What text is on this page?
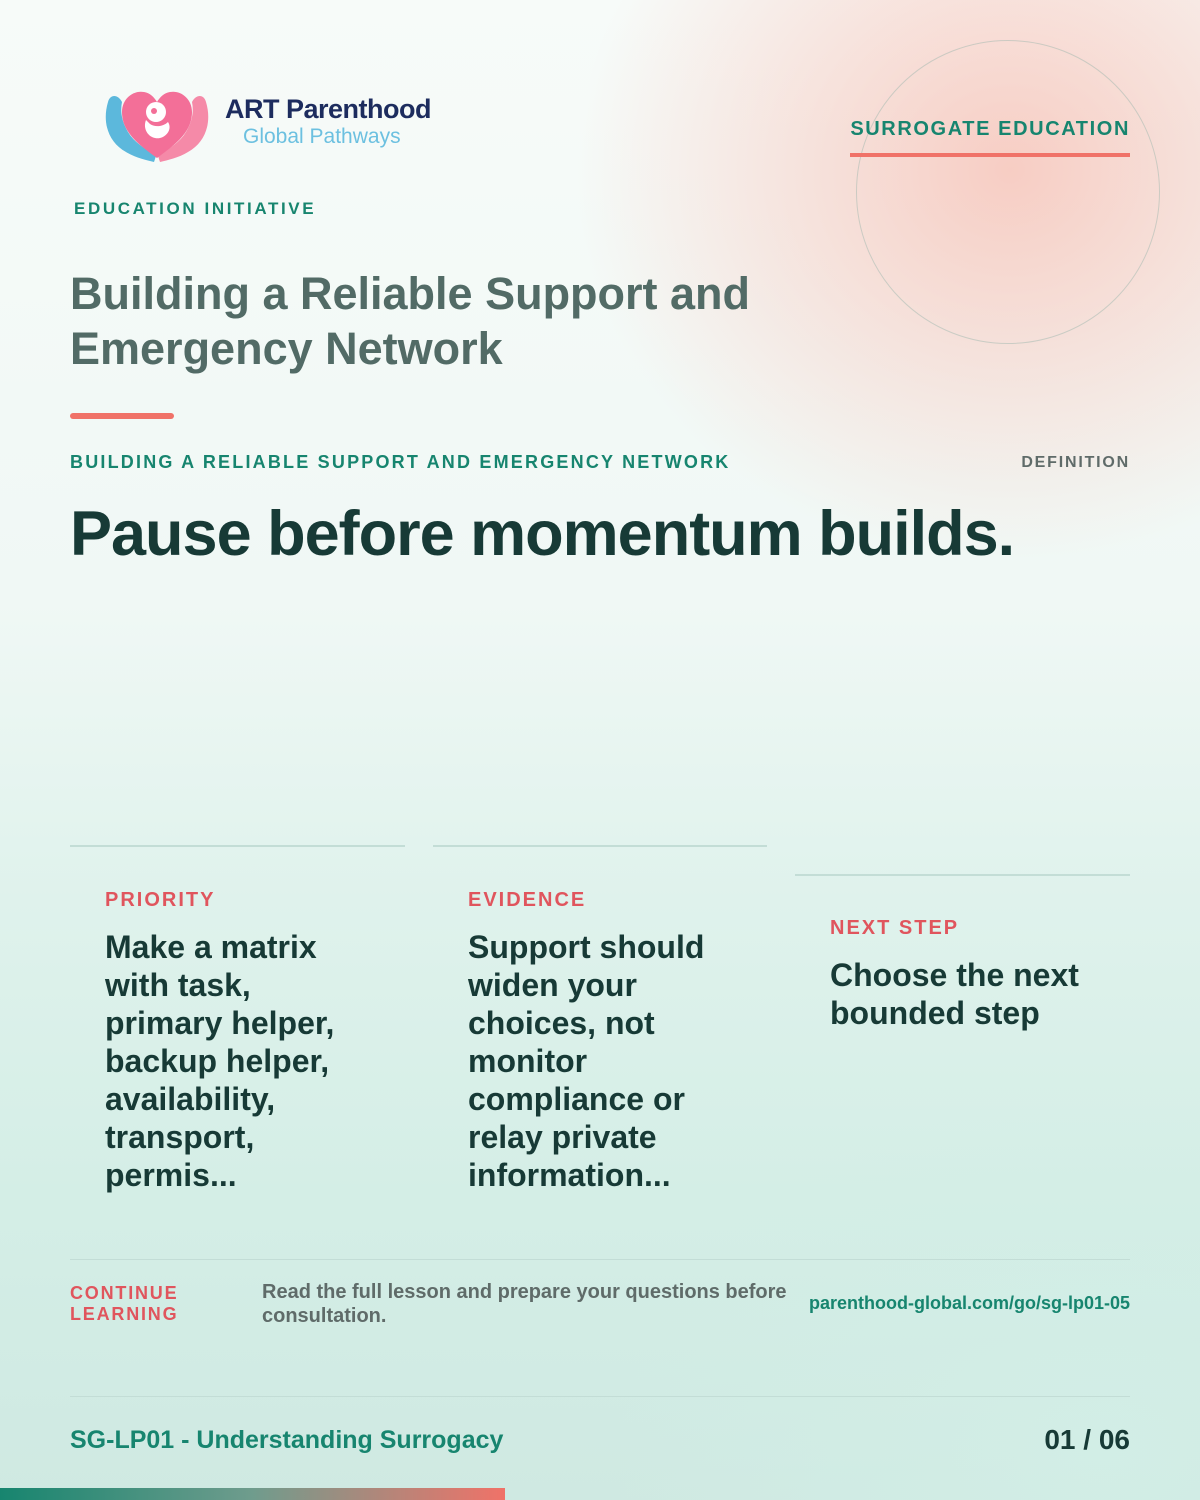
ART Parenthood
Global Pathways
EDUCATION INITIATIVE
SURROGATE EDUCATION
Building a Reliable Support and Emergency Network
BUILDING A RELIABLE SUPPORT AND EMERGENCY NETWORK	DEFINITION
Pause before momentum builds.
PRIORITY
Make a matrix with task, primary helper, backup helper, availability, transport, permis...
EVIDENCE
Support should widen your choices, not monitor compliance or relay private information...
NEXT STEP
Choose the next bounded step
CONTINUE LEARNING
Read the full lesson and prepare your questions before consultation.
parenthood-global.com/go/sg-lp01-05
SG-LP01 - Understanding Surrogacy	01 / 06
